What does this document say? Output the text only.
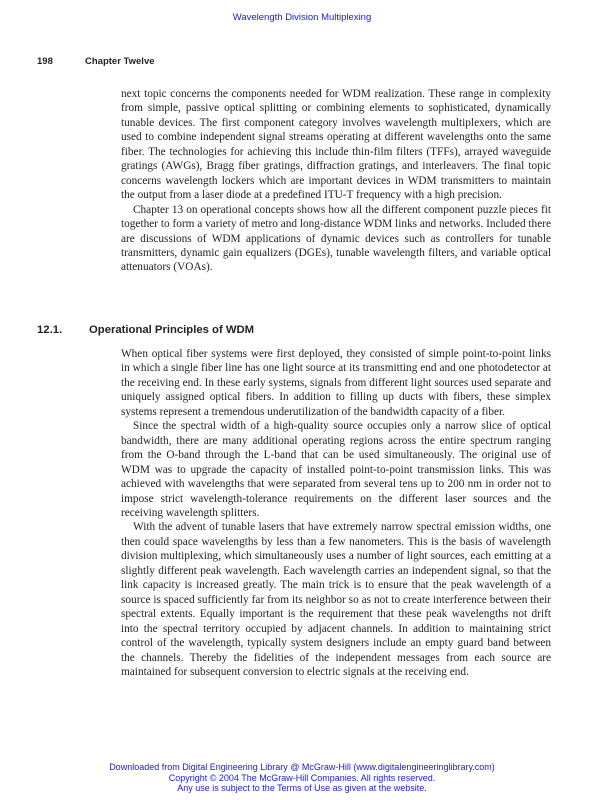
Wavelength Division Multiplexing
198	Chapter Twelve

next topic concerns the components needed for WDM realization. These range in complexity from simple, passive optical splitting or combining elements to sophisticated, dynamically tunable devices. The first component category involves wavelength multiplexers, which are used to combine independent signal streams operating at different wavelengths onto the same fiber. The technologies for achieving this include thin-film filters (TFFs), arrayed waveguide gratings (AWGs), Bragg fiber gratings, diffraction gratings, and interleavers. The final topic concerns wavelength lockers which are important devices in WDM transmitters to maintain the output from a laser diode at a predefined ITU-T frequency with a high precision.

Chapter 13 on operational concepts shows how all the different component puzzle pieces fit together to form a variety of metro and long-distance WDM links and networks. Included there are discussions of WDM applications of dynamic devices such as controllers for tunable transmitters, dynamic gain equalizers (DGEs), tunable wavelength filters, and variable optical attenuators (VOAs).

12.1. Operational Principles of WDM

When optical fiber systems were first deployed, they consisted of simple point-to-point links in which a single fiber line has one light source at its transmitting end and one photodetector at the receiving end. In these early systems, signals from different light sources used separate and uniquely assigned optical fibers. In addition to filling up ducts with fibers, these simplex systems represent a tremendous underutilization of the bandwidth capacity of a fiber.

Since the spectral width of a high-quality source occupies only a narrow slice of optical bandwidth, there are many additional operating regions across the entire spectrum ranging from the O-band through the L-band that can be used simultaneously. The original use of WDM was to upgrade the capacity of installed point-to-point transmission links. This was achieved with wavelengths that were separated from several tens up to 200 nm in order not to impose strict wavelength-tolerance requirements on the different laser sources and the receiving wavelength splitters.

With the advent of tunable lasers that have extremely narrow spectral emission widths, one then could space wavelengths by less than a few nanometers. This is the basis of wavelength division multiplexing, which simultaneously uses a number of light sources, each emitting at a slightly different peak wavelength. Each wavelength carries an independent signal, so that the link capacity is increased greatly. The main trick is to ensure that the peak wavelength of a source is spaced sufficiently far from its neighbor so as not to create interference between their spectral extents. Equally important is the requirement that these peak wavelengths not drift into the spectral territory occupied by adjacent channels. In addition to maintaining strict control of the wavelength, typically system designers include an empty guard band between the channels. Thereby the fidelities of the independent messages from each source are maintained for subsequent conversion to electric signals at the receiving end.

Downloaded from Digital Engineering Library @ McGraw-Hill (www.digitalengineeringlibrary.com)
Copyright © 2004 The McGraw-Hill Companies. All rights reserved.
Any use is subject to the Terms of Use as given at the website.
